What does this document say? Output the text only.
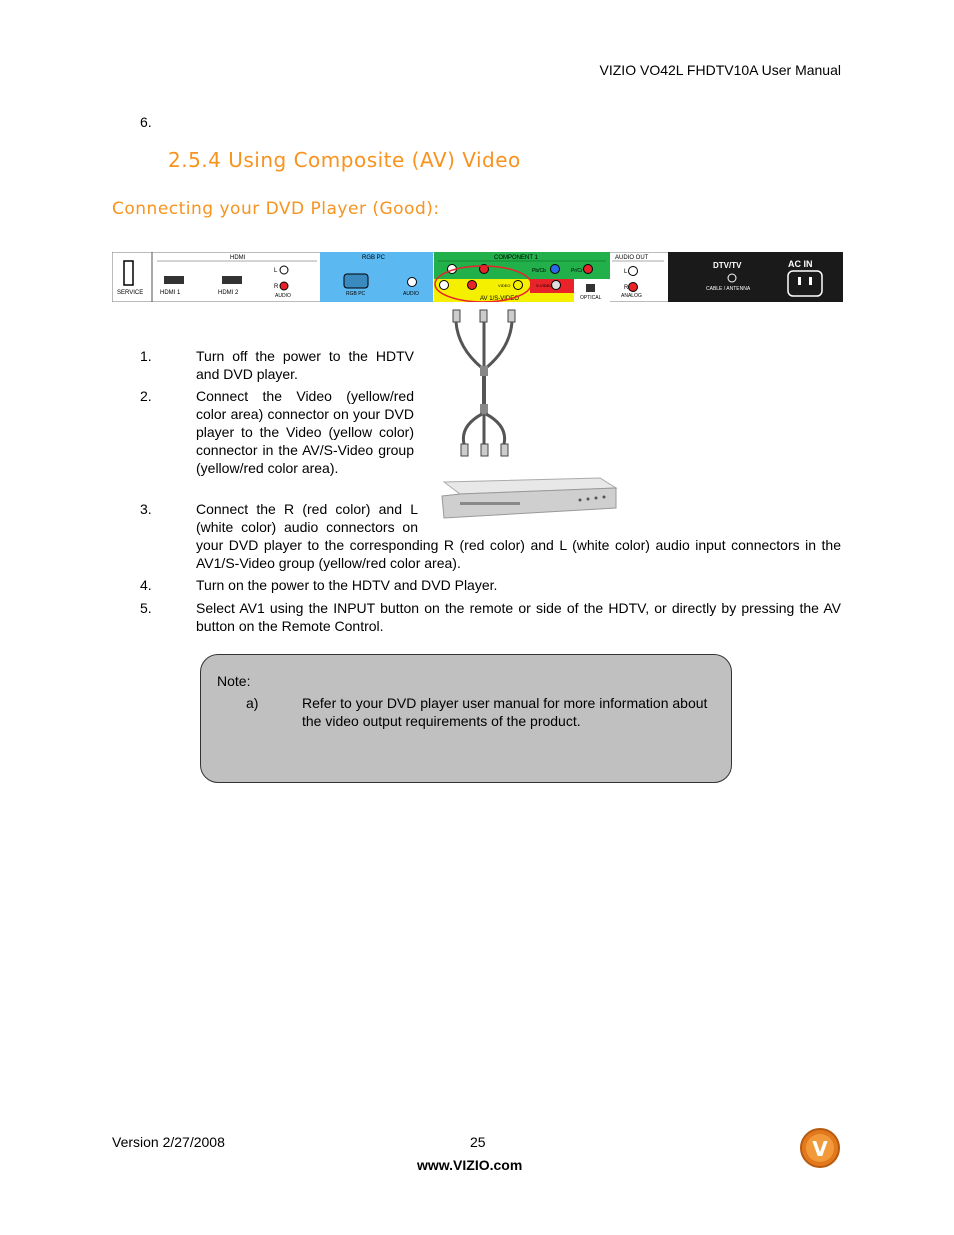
VIZIO VO42L FHDTV10A User Manual
6.
2.5.4 Using Composite (AV) Video
Connecting your DVD Player (Good):
SERVICE
HDMI
HDMI 1	HDMI 2
L
R
AUDIO
RGB PC
RGB PC	AUDIO
COMPONENT 1
Pb/Cb	Pr/Cr
VIDEO	S-VIDEO
AV 1/S-VIDEO	OPTICAL
AUDIO OUT
L
R
ANALOG
DTV/TV
CABLE / ANTENNA
AC IN
1.	Turn off the power to the HDTV and DVD player.
2.	Connect the Video (yellow/red color area) connector on your DVD player to the Video (yellow color) connector in the AV/S-Video group (yellow/red color area).
3.	Connect the R (red color) and L (white color) audio connectors on your DVD player to the corresponding R (red color) and L (white color) audio input connectors in the AV1/S-Video group (yellow/red color area).
4.	Turn on the power to the HDTV and DVD Player.
5.	Select AV1 using the INPUT button on the remote or side of the HDTV, or directly by pressing the AV button on the Remote Control.
Note:
a)	Refer to your DVD player user manual for more information about the video output requirements of the product.
Version 2/27/2008	25
www.VIZIO.com
V
